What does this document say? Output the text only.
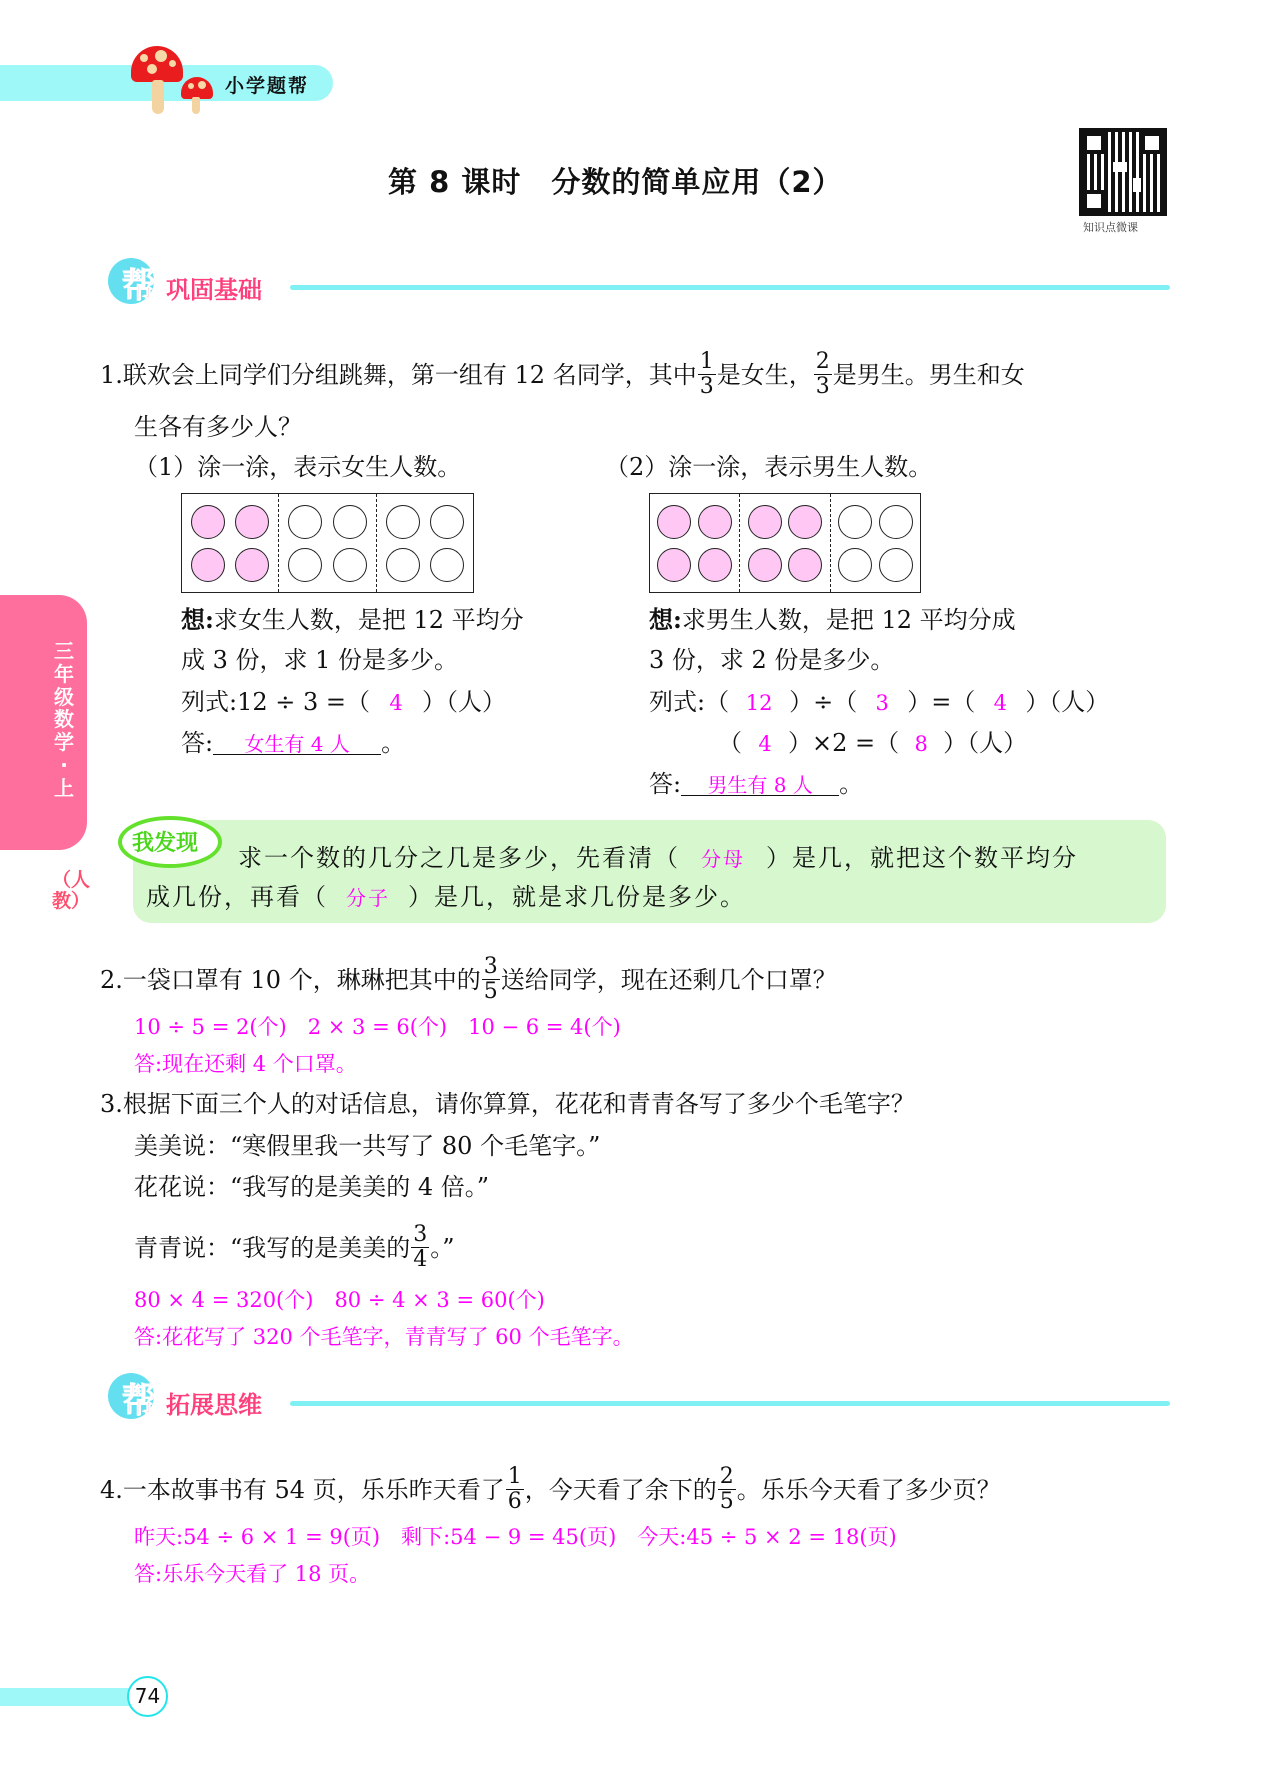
小学题帮
第 8 课时　分数的简单应用（2）
知识点微课
帮 巩固基础
1.联欢会上同学们分组跳舞，第一组有 12 名同学，其中 $\frac{1}{3}$ 是女生， $\frac{2}{3}$ 是男生。男生和女
生各有多少人？
（1）涂一涂，表示女生人数。
想:求女生人数，是把 12 平均分
成 3 份，求 1 份是多少。
列式:12 ÷ 3 =（ 4 ）（人）
答: 女生有 4 人 。
（2）涂一涂，表示男生人数。
想:求男生人数，是把 12 平均分成
3 份，求 2 份是多少。
列式:（ 12 ）÷（ 3 ）=（ 4 ）（人）
（ 4 ）×2 =（ 8 ）（人）
答: 男生有 8 人 。
我发现
求一个数的几分之几是多少，先看清（ 分母 ）是几，就把这个数平均分
成几份，再看（ 分子 ）是几，就是求几份是多少。
三年级数学·上
（人教）
2.一袋口罩有 10 个，琳琳把其中的 $\frac{3}{5}$ 送给同学，现在还剩几个口罩？
10 ÷ 5 = 2(个)　2 × 3 = 6(个)　10 − 6 = 4(个)
答:现在还剩 4 个口罩。
3.根据下面三个人的对话信息，请你算算，花花和青青各写了多少个毛笔字？
美美说：“寒假里我一共写了 80 个毛笔字。”
花花说：“我写的是美美的 4 倍。”
青青说：“我写的是美美的 $\frac{3}{4}$ 。”
80 × 4 = 320(个)　80 ÷ 4 × 3 = 60(个)
答:花花写了 320 个毛笔字，青青写了 60 个毛笔字。
帮 拓展思维
4.一本故事书有 54 页，乐乐昨天看了 $\frac{1}{6}$ ，今天看了余下的 $\frac{2}{5}$ 。乐乐今天看了多少页？
昨天:54 ÷ 6 × 1 = 9(页)　剩下:54 − 9 = 45(页)　今天:45 ÷ 5 × 2 = 18(页)
答:乐乐今天看了 18 页。
74
